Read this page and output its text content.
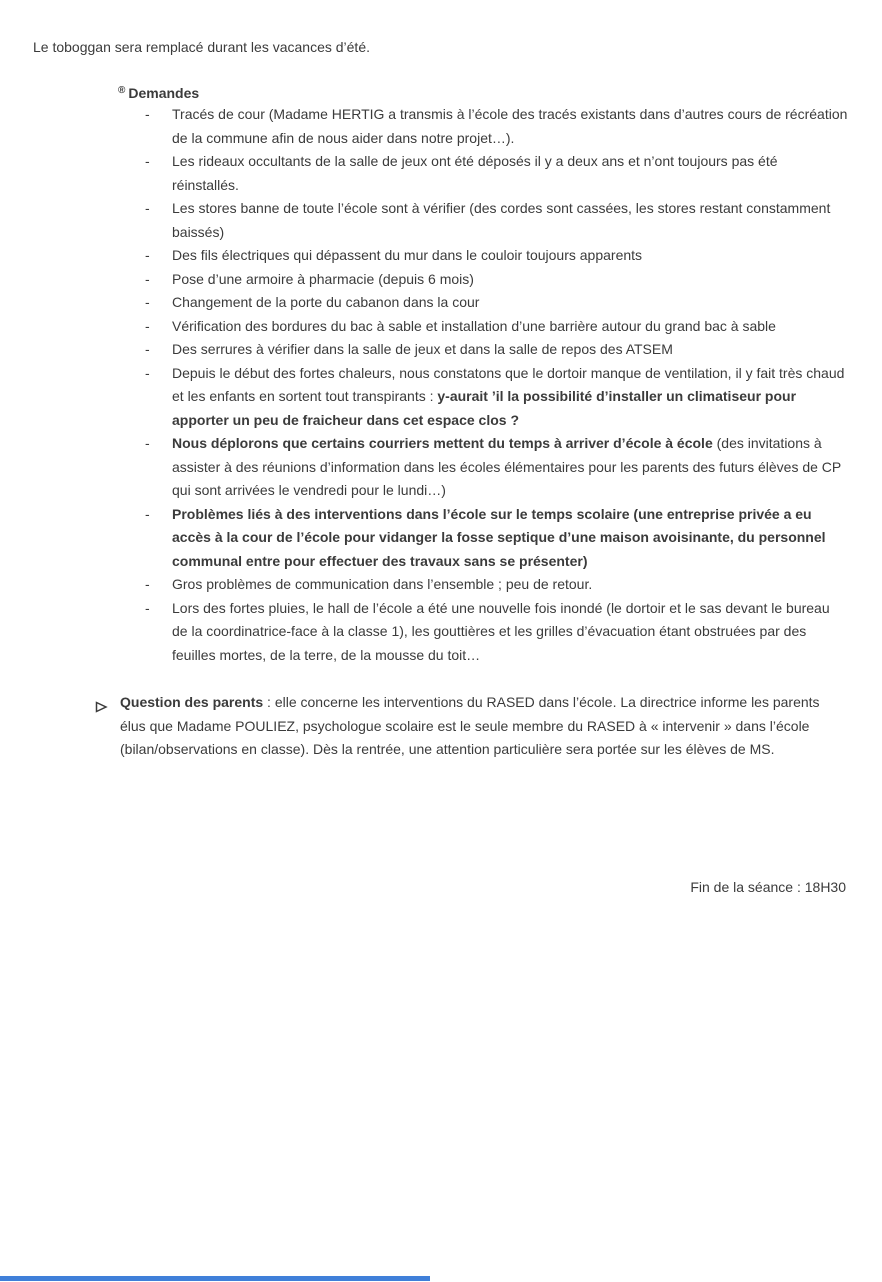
Le toboggan sera remplacé durant les vacances d’été.

® Demandes
- Tracés de cour (Madame HERTIG a transmis à l’école des tracés existants dans d’autres cours de récréation de la commune afin de nous aider dans notre projet…).
- Les rideaux occultants de la salle de jeux ont été déposés il y a deux ans et n’ont toujours pas été réinstallés.
- Les stores banne de toute l’école sont à vérifier (des cordes sont cassées, les stores restant constamment baissés)
- Des fils électriques qui dépassent du mur dans le couloir toujours apparents
- Pose d’une armoire à pharmacie (depuis 6 mois)
- Changement de la porte du cabanon dans la cour
- Vérification des bordures du bac à sable et installation d’une barrière autour du grand bac à sable
- Des serrures à vérifier dans la salle de jeux et dans la salle de repos des ATSEM
- Depuis le début des fortes chaleurs, nous constatons que le dortoir manque de ventilation, il y fait très chaud et les enfants en sortent tout transpirants : y-aurait ’il la possibilité d’installer un climatiseur pour apporter un peu de fraicheur dans cet espace clos ?
- Nous déplorons que certains courriers mettent du temps à arriver d’école à école (des invitations à assister à des réunions d’information dans les écoles élémentaires pour les parents des futurs élèves de CP qui sont arrivées le vendredi pour le lundi…)
- Problèmes liés à des interventions dans l’école sur le temps scolaire (une entreprise privée a eu accès à la cour de l’école pour vidanger la fosse septique d’une maison avoisinante, du personnel communal entre pour effectuer des travaux sans se présenter)
- Gros problèmes de communication dans l’ensemble ; peu de retour.
- Lors des fortes pluies, le hall de l’école a été une nouvelle fois inondé (le dortoir et le sas devant le bureau de la coordinatrice-face à la classe 1), les gouttières et les grilles d’évacuation étant obstruées par des feuilles mortes, de la terre, de la mousse du toit…

Question des parents : elle concerne les interventions du RASED dans l’école. La directrice informe les parents élus que Madame POULIEZ, psychologue scolaire est le seule membre du RASED à « intervenir » dans l’école (bilan/observations en classe). Dès la rentrée, une attention particulière sera portée sur les élèves de MS.

Fin de la séance : 18H30
